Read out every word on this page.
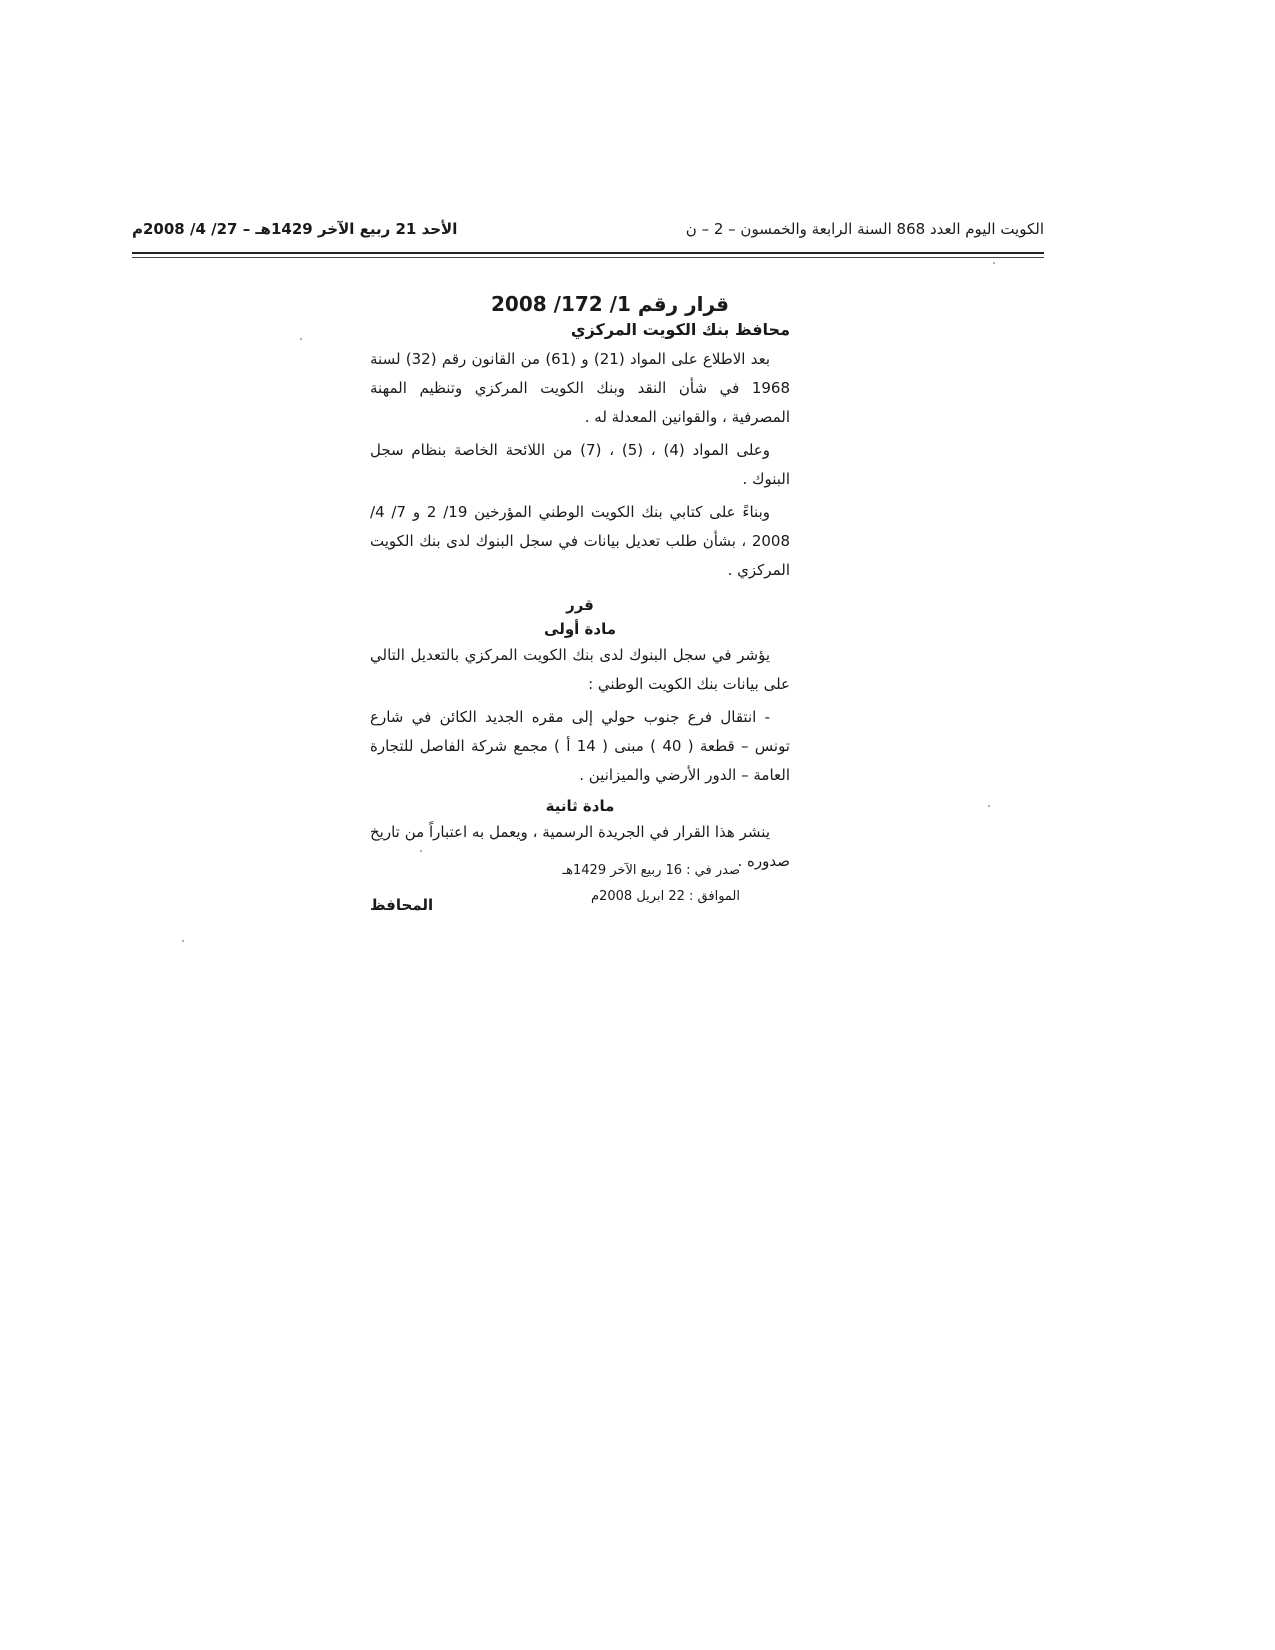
الكويت اليوم العدد 868 السنة الرابعة والخمسون – 2 – ن
الأحد 21 ربيع الآخر 1429هـ – 27/ 4/ 2008م
قرار رقم 1/ 172/ 2008
محافظ بنك الكويت المركزي

بعد الاطلاع على المواد (21) و (61) من القانون رقم (32) لسنة 1968 في شأن النقد وبنك الكويت المركزي وتنظيم المهنة المصرفية ، والقوانين المعدلة له .

وعلى المواد (4) ، (5) ، (7) من اللائحة الخاصة بنظام سجل البنوك .

وبناءً على كتابي بنك الكويت الوطني المؤرخين 19/ 2 و 7/ 4/ 2008 ، بشأن طلب تعديل بيانات في سجل البنوك لدى بنك الكويت المركزي .

قرر
مادة أولى

يؤشر في سجل البنوك لدى بنك الكويت المركزي بالتعديل التالي على بيانات بنك الكويت الوطني :

- انتقال فرع جنوب حولي إلى مقره الجديد الكائن في شارع تونس – قطعة ( 40 ) مبنى ( 14 أ ) مجمع شركة الفاصل للتجارة العامة – الدور الأرضي والميزانين .

مادة ثانية

ينشر هذا القرار في الجريدة الرسمية ، ويعمل به اعتباراً من تاريخ صدوره .

المحافظ
صدر في : 16 ربيع الآخر 1429هـ
الموافق : 22 ابريل 2008م
